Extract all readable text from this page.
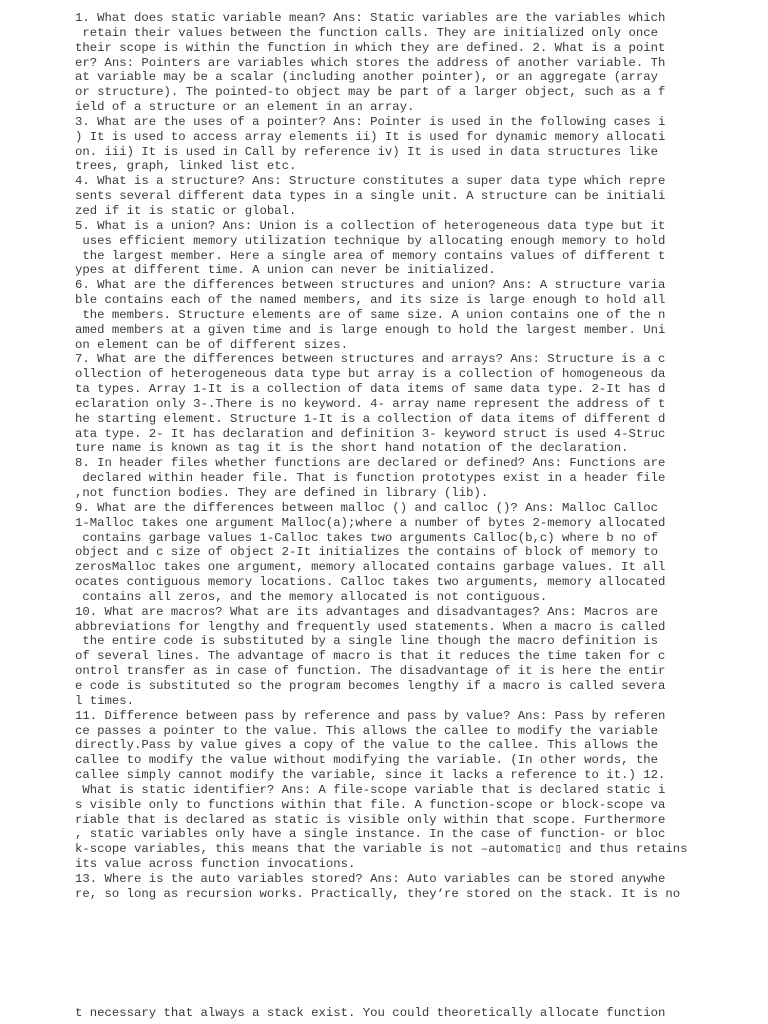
1. What does static variable mean? Ans: Static variables are the variables which
retain their values between the function calls. They are initialized only once
their scope is within the function in which they are defined. 2. What is a point
er? Ans: Pointers are variables which stores the address of another variable. Th
at variable may be a scalar (including another pointer), or an aggregate (array
or structure). The pointed-to object may be part of a larger object, such as a f
ield of a structure or an element in an array.
3. What are the uses of a pointer? Ans: Pointer is used in the following cases i
) It is used to access array elements ii) It is used for dynamic memory allocati
on. iii) It is used in Call by reference iv) It is used in data structures like
trees, graph, linked list etc.
4. What is a structure? Ans: Structure constitutes a super data type which repre
sents several different data types in a single unit. A structure can be initiali
zed if it is static or global.
5. What is a union? Ans: Union is a collection of heterogeneous data type but it
uses efficient memory utilization technique by allocating enough memory to hold
the largest member. Here a single area of memory contains values of different t
ypes at different time. A union can never be initialized.
6. What are the differences between structures and union? Ans: A structure varia
ble contains each of the named members, and its size is large enough to hold all
the members. Structure elements are of same size. A union contains one of the n
amed members at a given time and is large enough to hold the largest member. Uni
on element can be of different sizes.
7. What are the differences between structures and arrays? Ans: Structure is a c
ollection of heterogeneous data type but array is a collection of homogeneous da
ta types. Array 1-It is a collection of data items of same data type. 2-It has d
eclaration only 3-.There is no keyword. 4- array name represent the address of t
he starting element. Structure 1-It is a collection of data items of different d
ata type. 2- It has declaration and definition 3- keyword struct is used 4-Struc
ture name is known as tag it is the short hand notation of the declaration.
8. In header files whether functions are declared or defined? Ans: Functions are
declared within header file. That is function prototypes exist in a header file
,not function bodies. They are defined in library (lib).
9. What are the differences between malloc () and calloc ()? Ans: Malloc Calloc
1-Malloc takes one argument Malloc(a);where a number of bytes 2-memory allocated
contains garbage values 1-Calloc takes two arguments Calloc(b,c) where b no of
object and c size of object 2-It initializes the contains of block of memory to
zerosMalloc takes one argument, memory allocated contains garbage values. It all
ocates contiguous memory locations. Calloc takes two arguments, memory allocated
contains all zeros, and the memory allocated is not contiguous.
10. What are macros? What are its advantages and disadvantages? Ans: Macros are
abbreviations for lengthy and frequently used statements. When a macro is called
the entire code is substituted by a single line though the macro definition is
of several lines. The advantage of macro is that it reduces the time taken for c
ontrol transfer as in case of function. The disadvantage of it is here the entir
e code is substituted so the program becomes lengthy if a macro is called severa
l times.
11. Difference between pass by reference and pass by value? Ans: Pass by referen
ce passes a pointer to the value. This allows the callee to modify the variable
directly.Pass by value gives a copy of the value to the callee. This allows the
callee to modify the value without modifying the variable. (In other words, the
callee simply cannot modify the variable, since it lacks a reference to it.) 12.
What is static identifier? Ans: A file-scope variable that is declared static i
s visible only to functions within that file. A function-scope or block-scope va
riable that is declared as static is visible only within that scope. Furthermore
, static variables only have a single instance. In the case of function- or bloc
k-scope variables, this means that the variable is not –automatic▯ and thus retains
its value across function invocations.
13. Where is the auto variables stored? Ans: Auto variables can be stored anywhe
re, so long as recursion works. Practically, they‘re stored on the stack. It is no
t necessary that always a stack exist. You could theoretically allocate function
